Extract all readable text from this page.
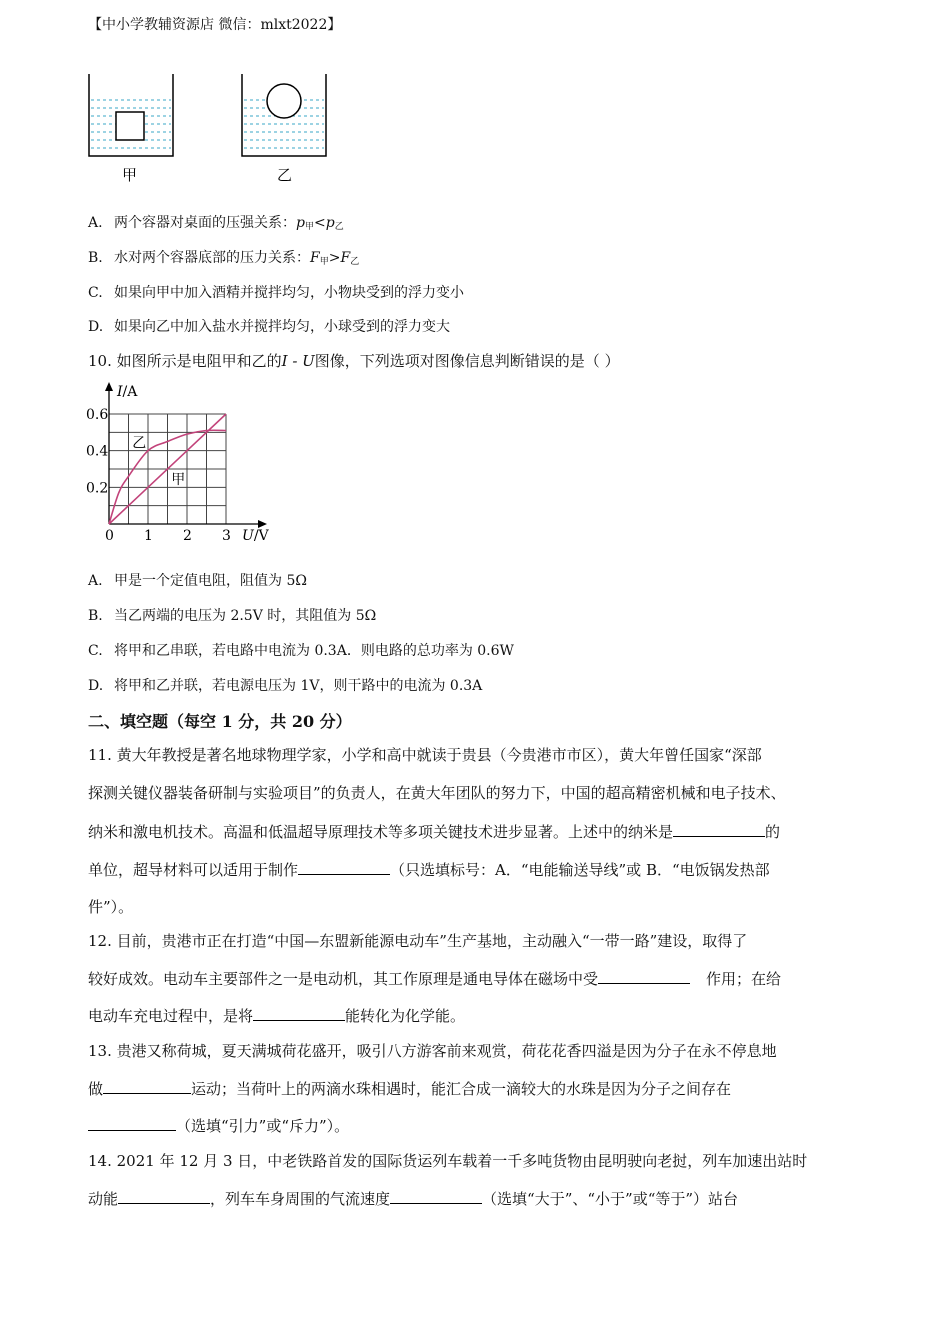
【中小学教辅资源店 微信：mlxt2022】
甲	乙
A. 两个容器对桌面的压强关系：$p_甲<p_乙$
B. 水对两个容器底部的压力关系：$F_甲>F_乙$
C. 如果向甲中加入酒精并搅拌均匀，小物块受到的浮力变小
D. 如果向乙中加入盐水并搅拌均匀，小球受到的浮力变大
10. 如图所示是电阻甲和乙的I - U图像，下列选项对图像信息判断错误的是（ ）
0 1 2 3
0.2
0.4
0.6
U/V
I/A
乙
甲
A. 甲是一个定值电阻，阻值为 5Ω
B. 当乙两端的电压为 2.5V 时，其阻值为 5Ω
C. 将甲和乙串联，若电路中电流为 0.3A．则电路的总功率为 0.6W
D. 将甲和乙并联，若电源电压为 1V，则干路中的电流为 0.3A
二、填空题（每空 1 分，共 20 分）
11. 黄大年教授是著名地球物理学家，小学和高中就读于贵县（今贵港市市区），黄大年曾任国家“深部
探测关键仪器装备研制与实验项目”的负责人，在黄大年团队的努力下，中国的超高精密机械和电子技术、
纳米和激电机技术。高温和低温超导原理技术等多项关键技术进步显著。上述中的纳米是	的
单位，超导材料可以适用于制作	（只选填标号：A．“电能输送导线”或 B．“电饭锅发热部
件”）。
12. 目前，贵港市正在打造“中国—东盟新能源电动车”生产基地，主动融入“一带一路”建设，取得了
较好成效。电动车主要部件之一是电动机，其工作原理是通电导体在磁场中受	作用；在给
电动车充电过程中，是将	能转化为化学能。
13. 贵港又称荷城，夏天满城荷花盛开，吸引八方游客前来观赏，荷花花香四溢是因为分子在永不停息地
做	运动；当荷叶上的两滴水珠相遇时，能汇合成一滴较大的水珠是因为分子之间存在
（选填“引力”或“斥力”）。
14. 2021 年 12 月 3 日，中老铁路首发的国际货运列车载着一千多吨货物由昆明驶向老挝，列车加速出站时
动能	，列车车身周围的气流速度	（选填“大于”、“小于”或“等于”）站台
